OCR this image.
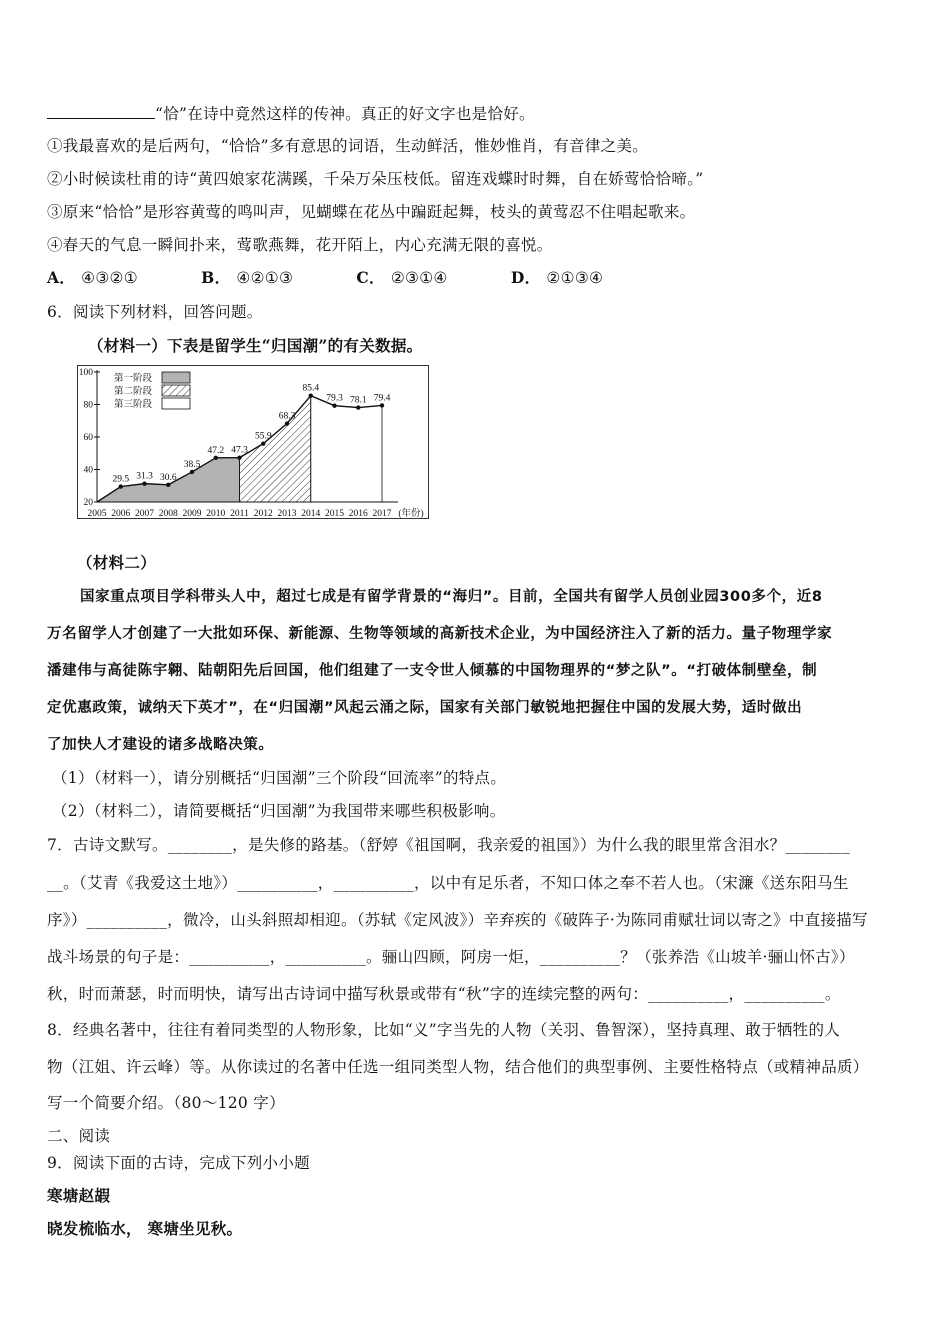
“恰”在诗中竟然这样的传神。真正的好文字也是恰好。
①我最喜欢的是后两句，“恰恰”多有意思的词语，生动鲜活，惟妙惟肖，有音律之美。
②小时候读杜甫的诗“黄四娘家花满蹊，千朵万朵压枝低。留连戏蝶时时舞，自在娇莺恰恰啼。”
③原来“恰恰”是形容黄莺的鸣叫声，见蝴蝶在花丛中蹁跹起舞，枝头的黄莺忍不住唱起歌来。
④春天的气息一瞬间扑来，莺歌燕舞，花开陌上，内心充满无限的喜悦。
A． ④③②①	B． ④②①③	C． ②③①④	D． ②①③④
6．阅读下列材料，回答问题。
（材料一）下表是留学生“归国潮”的有关数据。
20
40
60
80
100
2005 2006 2007 2008 2009 2010 2011 2012 2013 2014 2015 2016 2017 (年份)
29.5 31.3 30.6
38.5
47.2 47.3
55.9
68.3
85.4
79.3 78.1 79.4
第一阶段
第二阶段
第三阶段
（材料二）
国家重点项目学科带头人中，超过七成是有留学背景的“海归”。目前，全国共有留学人员创业园300多个，近8
万名留学人才创建了一大批如环保、新能源、生物等领域的高新技术企业，为中国经济注入了新的活力。量子物理学家
潘建伟与高徒陈宇翱、陆朝阳先后回国，他们组建了一支令世人倾慕的中国物理界的“梦之队”。“打破体制壁垒，制
定优惠政策，诚纳天下英才”，在“归国潮”风起云涌之际，国家有关部门敏锐地把握住中国的发展大势，适时做出
了加快人才建设的诸多战略决策。
（1）（材料一），请分别概括“归国潮”三个阶段“回流率”的特点。
（2）（材料二），请简要概括“归国潮”为我国带来哪些积极影响。
7．古诗文默写。________，是失修的路基。（舒婷《祖国啊，我亲爱的祖国》）为什么我的眼里常含泪水？________
__。（艾青《我爱这土地》）__________，__________，以中有足乐者，不知口体之奉不若人也。（宋濂《送东阳马生
序》）__________，微冷，山头斜照却相迎。（苏轼《定风波》）辛弃疾的《破阵子·为陈同甫赋壮词以寄之》中直接描写
战斗场景的句子是：__________，__________。骊山四顾，阿房一炬，__________？（张养浩《山坡羊·骊山怀古》）
秋，时而萧瑟，时而明快，请写出古诗词中描写秋景或带有“秋”字的连续完整的两句：__________，__________。
8．经典名著中，往往有着同类型的人物形象，比如“义”字当先的人物（关羽、鲁智深），坚持真理、敢于牺牲的人
物（江姐、许云峰）等。从你读过的名著中任选一组同类型人物，结合他们的典型事例、主要性格特点（或精神品质）
写一个简要介绍。（80～120 字）
二、阅读
9．阅读下面的古诗，完成下列小小题
寒塘赵嘏
晓发梳临水， 寒塘坐见秋。
